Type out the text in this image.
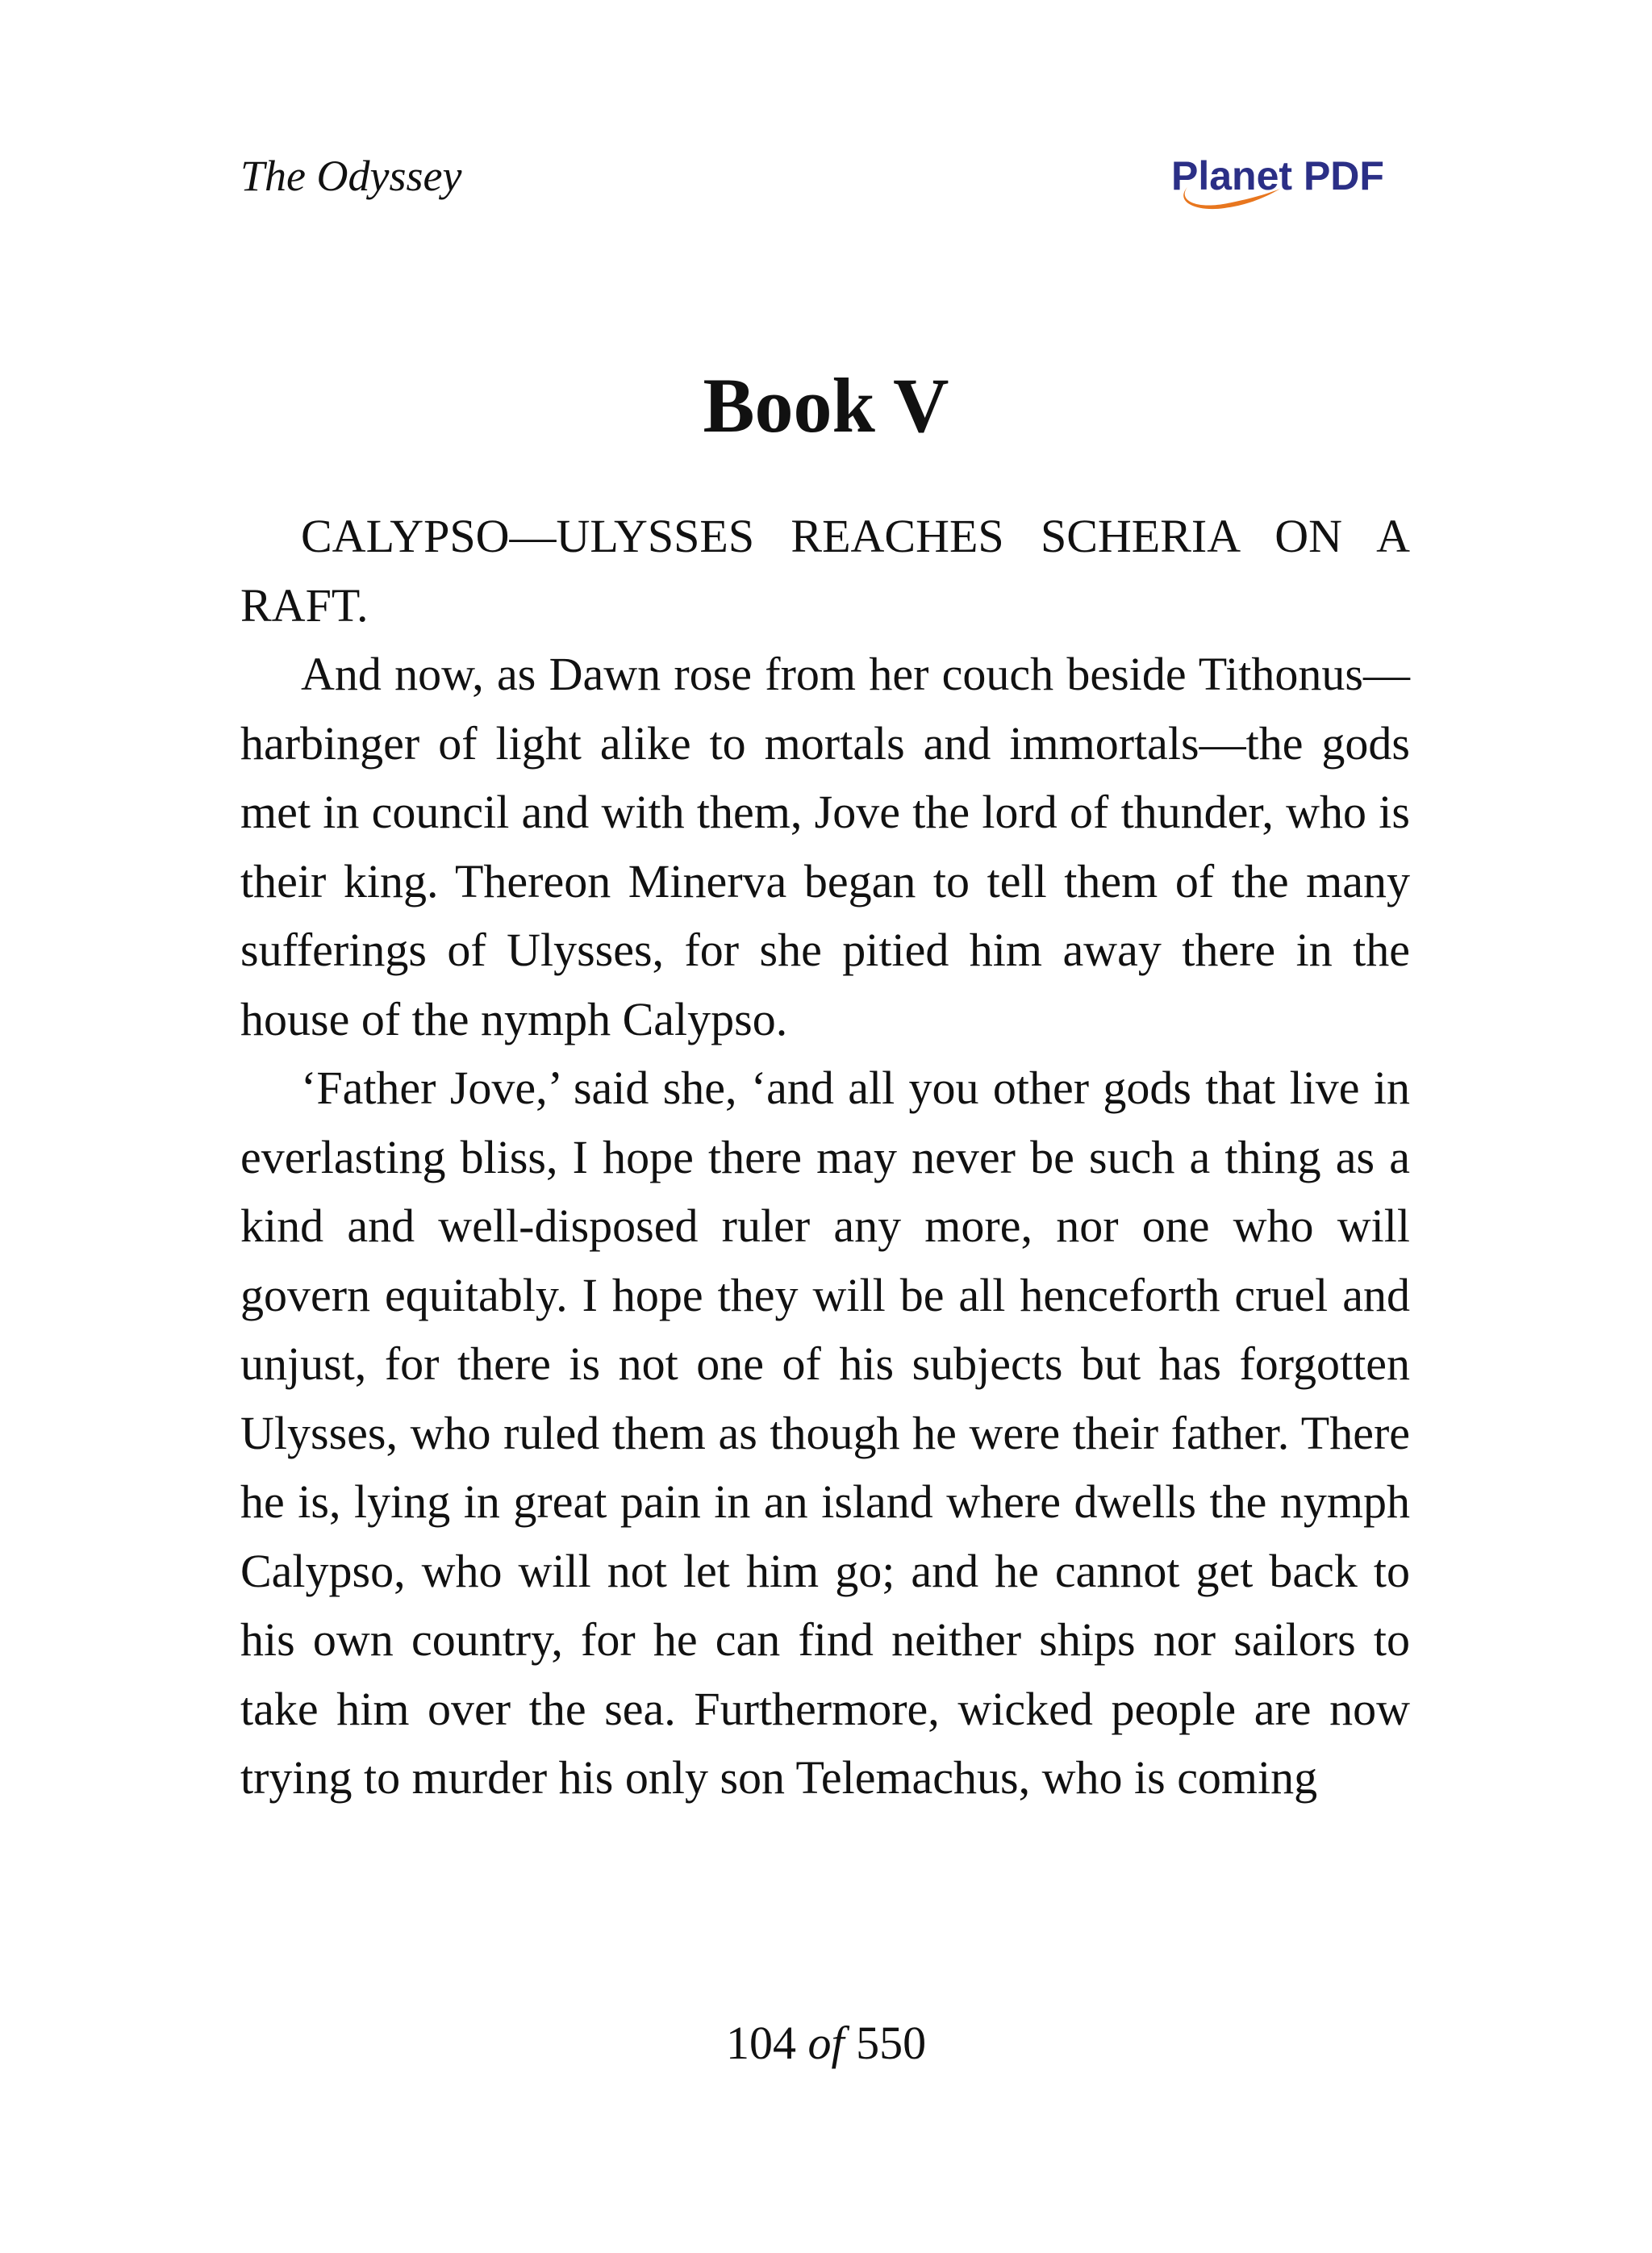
The Odyssey	Planet PDF
Book V

CALYPSO—ULYSSES REACHES SCHERIA ON A RAFT.

And now, as Dawn rose from her couch beside Tithonus—harbinger of light alike to mortals and immortals—the gods met in council and with them, Jove the lord of thunder, who is their king. Thereon Minerva began to tell them of the many sufferings of Ulysses, for she pitied him away there in the house of the nymph Calypso.

‘Father Jove,’ said she, ‘and all you other gods that live in everlasting bliss, I hope there may never be such a thing as a kind and well-disposed ruler any more, nor one who will govern equitably. I hope they will be all henceforth cruel and unjust, for there is not one of his subjects but has forgotten Ulysses, who ruled them as though he were their father. There he is, lying in great pain in an island where dwells the nymph Calypso, who will not let him go; and he cannot get back to his own country, for he can find neither ships nor sailors to take him over the sea. Furthermore, wicked people are now trying to murder his only son Telemachus, who is coming

104 of 550
